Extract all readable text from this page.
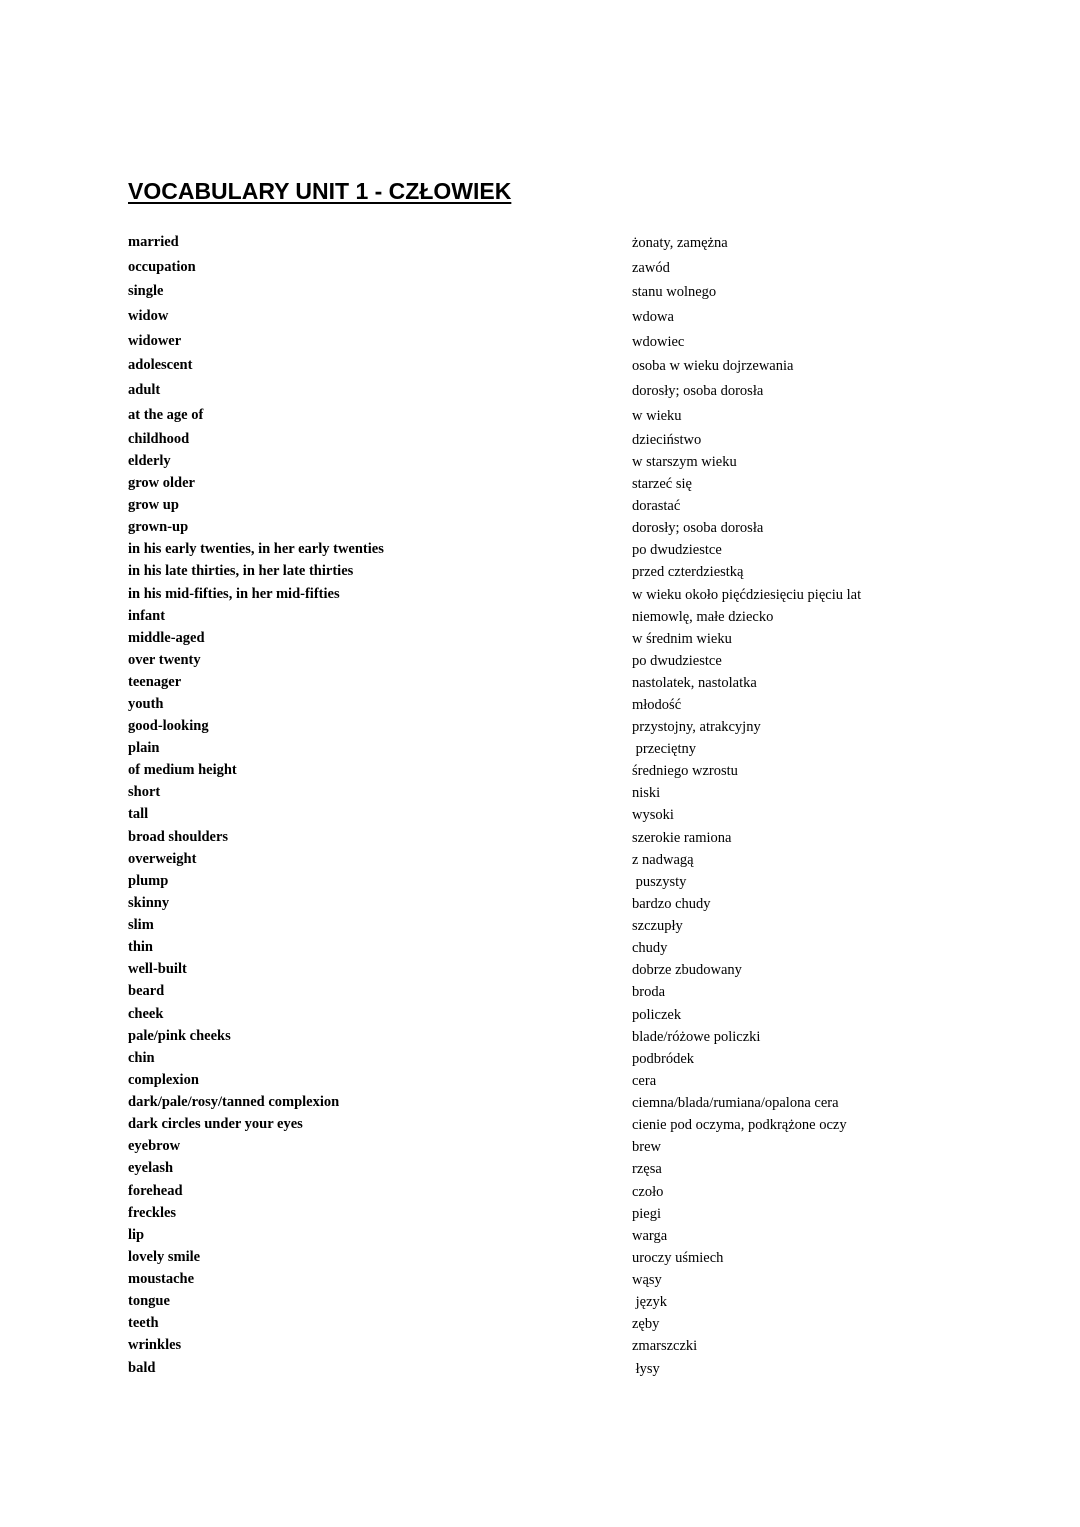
VOCABULARY UNIT 1 - CZŁOWIEK
married	żonaty, zamężna
occupation	zawód
single	stanu wolnego
widow	wdowa
widower	wdowiec
adolescent	osoba w wieku dojrzewania
adult	dorosły; osoba dorosła
at the age of	w wieku
childhood	dzieciństwo
elderly	w starszym wieku
grow older	starzeć się
grow up	dorastać
grown-up	dorosły; osoba dorosła
in his early twenties, in her early twenties	po dwudziestce
in his late thirties, in her late thirties	przed czterdziestką
in his mid-fifties, in her mid-fifties	w wieku około pięćdziesięciu pięciu lat
infant	niemowlę, małe dziecko
middle-aged	w średnim wieku
over twenty	po dwudziestce
teenager	nastolatek, nastolatka
youth	młodość
good-looking	przystojny, atrakcyjny
plain	przeciętny
of medium height	średniego wzrostu
short	niski
tall	wysoki
broad shoulders	szerokie ramiona
overweight	z nadwagą
plump	puszysty
skinny	bardzo chudy
slim	szczupły
thin	chudy
well-built	dobrze zbudowany
beard	broda
cheek	policzek
pale/pink cheeks	blade/różowe policzki
chin	podbródek
complexion	cera
dark/pale/rosy/tanned complexion	ciemna/blada/rumiana/opalona cera
dark circles under your eyes	cienie pod oczyma, podkrążone oczy
eyebrow	brew
eyelash	rzęsa
forehead	czoło
freckles	piegi
lip	warga
lovely smile	uroczy uśmiech
moustache	wąsy
tongue	język
teeth	zęby
wrinkles	zmarszczki
bald	łysy
